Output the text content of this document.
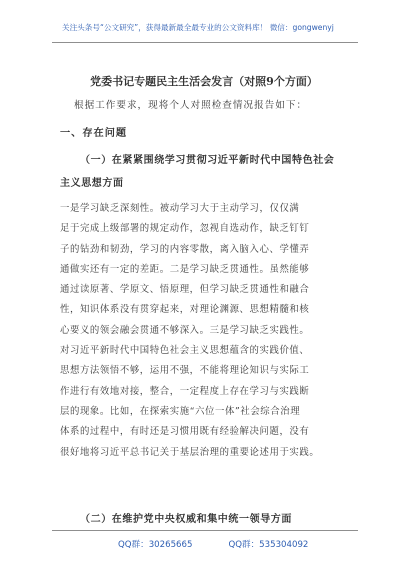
关注头条号“公文研究”，获得最新最全最专业的公文资料库！ 微信：gongwenyj
党委书记专题民主生活会发言（对照9个方面）
根据工作要求，现将个人对照检查情况报告如下：
一、存在问题
（一）在紧紧围绕学习贯彻习近平新时代中国特色社会
主义思想方面
一是学习缺乏深刻性。被动学习大于主动学习，仅仅满
足于完成上级部署的规定动作，忽视自选动作，缺乏钉钉
子的钻劲和韧劲，学习的内容零散，离入脑入心、学懂弄
通做实还有一定的差距。二是学习缺乏贯通性。虽然能够
通过读原著、学原文、悟原理，但学习缺乏贯通性和融合
性，知识体系没有贯穿起来，对理论渊源、思想精髓和核
心要义的领会融会贯通不够深入。三是学习缺乏实践性。
对习近平新时代中国特色社会主义思想蕴含的实践价值、
思想方法领悟不够，运用不强，不能将理论知识与实际工
作进行有效地对接，整合，一定程度上存在学习与实践断
层的现象。比如，在探索实施“六位一体”社会综合治理
体系的过程中，有时还是习惯用既有经验解决问题，没有
很好地将习近平总书记关于基层治理的重要论述用于实践。
（二）在维护党中央权威和集中统一领导方面
QQ群：30265665	QQ群：535304092
